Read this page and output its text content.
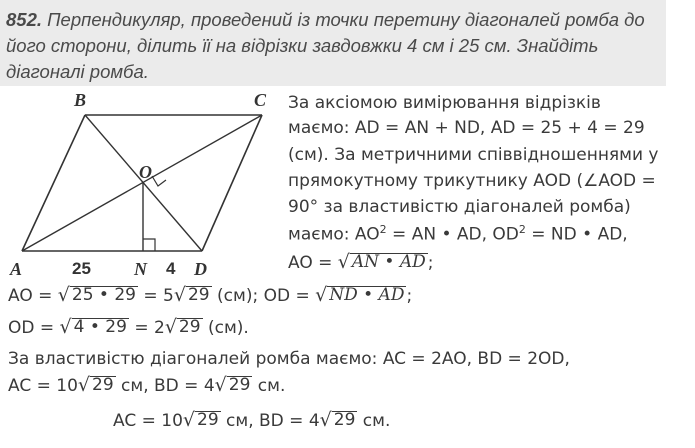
852. Перпендикуляр, проведений із точки перетину діагоналей ромба до його сторони, ділить її на відрізки завдовжки 4 см і 25 см. Знайдіть діагоналі ромба.

B	C
O
A	N	D
25	4

За аксіомою вимірювання відрізків

маємо: AD = AN + ND, AD = 25 + 4 = 29

(см). За метричними співвідношеннями у

прямокутному трикутнику AOD (∠AOD =

90° за властивістю діагоналей ромба)

маємо: $AO^2$ = AN • AD, $OD^2$ = ND • AD,

AO = √ AN • AD ;

AO = √ 25 • 29 = 5 √ 29 (см); OD = √ ND • AD ;

OD = √ 4 • 29 = 2 √ 29 (см).

За властивістю діагоналей ромба маємо: AC = 2AO, BD = 2OD,

AC = 10 √ 29 см, BD = 4 √ 29 см.

AC = 10 √ 29 см, BD = 4 √ 29 см.
